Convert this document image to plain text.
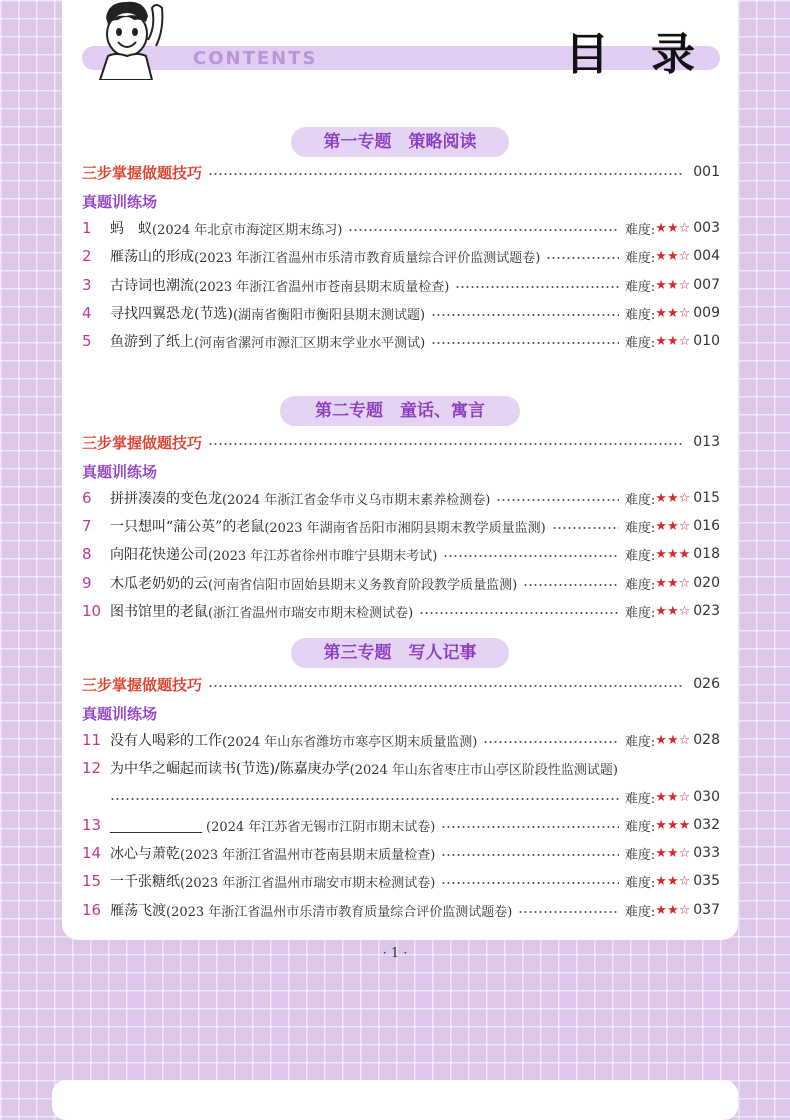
CONTENTS	目录
第一专题　策略阅读
三步掌握做题技巧	001
真题训练场
1	蚂　蚁 (2024 年北京市海淀区期末练习)	难度: ★★☆ 003
2	雁荡山的形成 (2023 年浙江省温州市乐清市教育质量综合评价监测试题卷)	难度: ★★☆ 004
3	古诗词也潮流 (2023 年浙江省温州市苍南县期末质量检查)	难度: ★★☆ 007
4	寻找四翼恐龙(节选) (湖南省衡阳市衡阳县期末测试题)	难度: ★★☆ 009
5	鱼游到了纸上 (河南省漯河市源汇区期末学业水平测试)	难度: ★★☆ 010
第二专题　童话、寓言
三步掌握做题技巧	013
真题训练场
6	拼拼凑凑的变色龙 (2024 年浙江省金华市义乌市期末素养检测卷)	难度: ★★☆ 015
7	一只想叫“蒲公英”的老鼠 (2023 年湖南省岳阳市湘阴县期末教学质量监测)	难度: ★★☆ 016
8	向阳花快递公司 (2023 年江苏省徐州市睢宁县期末考试)	难度: ★★★ 018
9	木瓜老奶奶的云 (河南省信阳市固始县期末义务教育阶段教学质量监测)	难度: ★★☆ 020
10 图书馆里的老鼠 (浙江省温州市瑞安市期末检测试卷)	难度: ★★☆ 023
第三专题　写人记事
三步掌握做题技巧	026
真题训练场
11 没有人喝彩的工作 (2024 年山东省潍坊市寒亭区期末质量监测)	难度: ★★☆ 028
12 为中华之崛起而读书(节选)/陈嘉庚办学 (2024 年山东省枣庄市山亭区阶段性监测试题)
难度: ★★☆ 030
13	(2024 年江苏省无锡市江阴市期末试卷)	难度: ★★★ 032
14 冰心与萧乾 (2023 年浙江省温州市苍南县期末质量检查)	难度: ★★☆ 033
15 一千张糖纸 (2023 年浙江省温州市瑞安市期末检测试卷)	难度: ★★☆ 035
16 雁荡飞渡 (2023 年浙江省温州市乐清市教育质量综合评价监测试题卷)	难度: ★★☆ 037
· 1 ·
